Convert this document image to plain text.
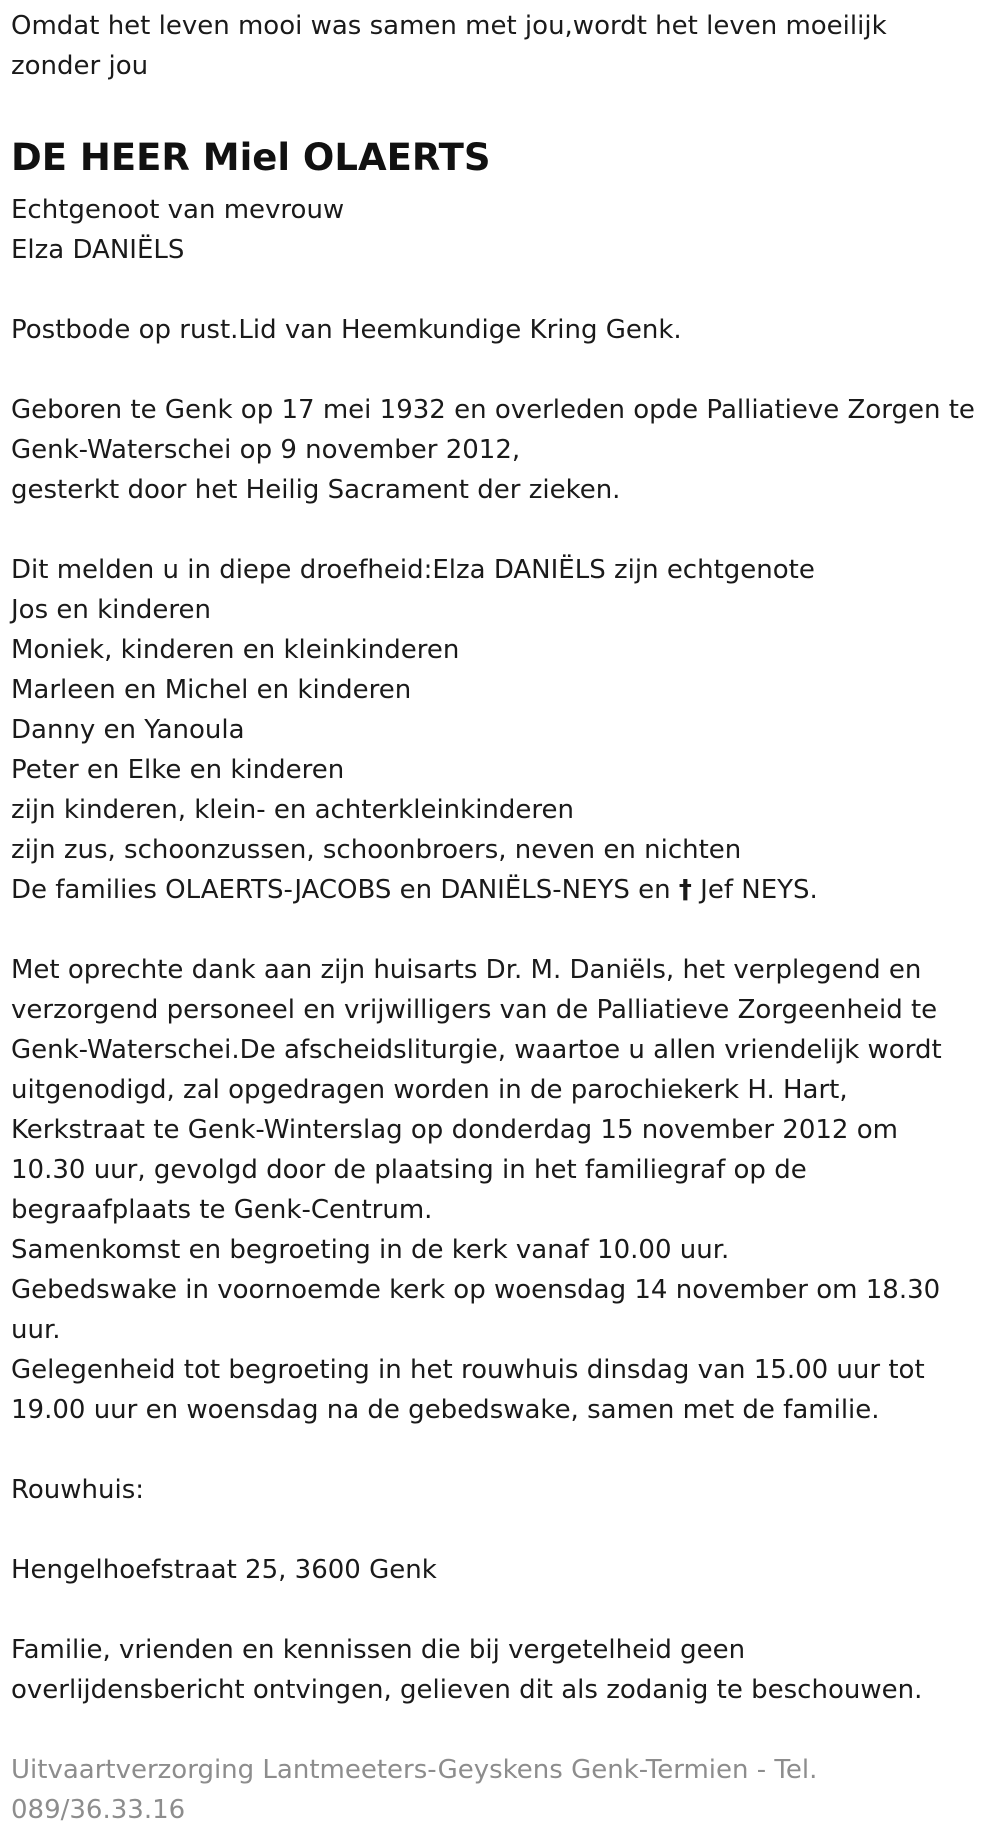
Omdat het leven mooi was samen met jou,wordt het leven moeilijk
zonder jou
DE HEER Miel OLAERTS
Echtgenoot van mevrouw
Elza DANIËLS
Postbode op rust.Lid van Heemkundige Kring Genk.
Geboren te Genk op 17 mei 1932 en overleden opde Palliatieve Zorgen te
Genk-Waterschei op 9 november 2012,
gesterkt door het Heilig Sacrament der zieken.
Dit melden u in diepe droefheid:Elza DANIËLS zijn echtgenote
Jos en kinderen
Moniek, kinderen en kleinkinderen
Marleen en Michel en kinderen
Danny en Yanoula
Peter en Elke en kinderen
zijn kinderen, klein- en achterkleinkinderen
zijn zus, schoonzussen, schoonbroers, neven en nichten
De families OLAERTS-JACOBS en DANIËLS-NEYS en † Jef NEYS.
Met oprechte dank aan zijn huisarts Dr. M. Daniëls, het verplegend en
verzorgend personeel en vrijwilligers van de Palliatieve Zorgeenheid te
Genk-Waterschei.De afscheidsliturgie, waartoe u allen vriendelijk wordt
uitgenodigd, zal opgedragen worden in de parochiekerk H. Hart,
Kerkstraat te Genk-Winterslag op donderdag 15 november 2012 om
10.30 uur, gevolgd door de plaatsing in het familiegraf op de
begraafplaats te Genk-Centrum.
Samenkomst en begroeting in de kerk vanaf 10.00 uur.
Gebedswake in voornoemde kerk op woensdag 14 november om 18.30
uur.
Gelegenheid tot begroeting in het rouwhuis dinsdag van 15.00 uur tot
19.00 uur en woensdag na de gebedswake, samen met de familie.
Rouwhuis:
Hengelhoefstraat 25, 3600 Genk
Familie, vrienden en kennissen die bij vergetelheid geen
overlijdensbericht ontvingen, gelieven dit als zodanig te beschouwen.
Uitvaartverzorging Lantmeeters-Geyskens Genk-Termien - Tel.
089/36.33.16
